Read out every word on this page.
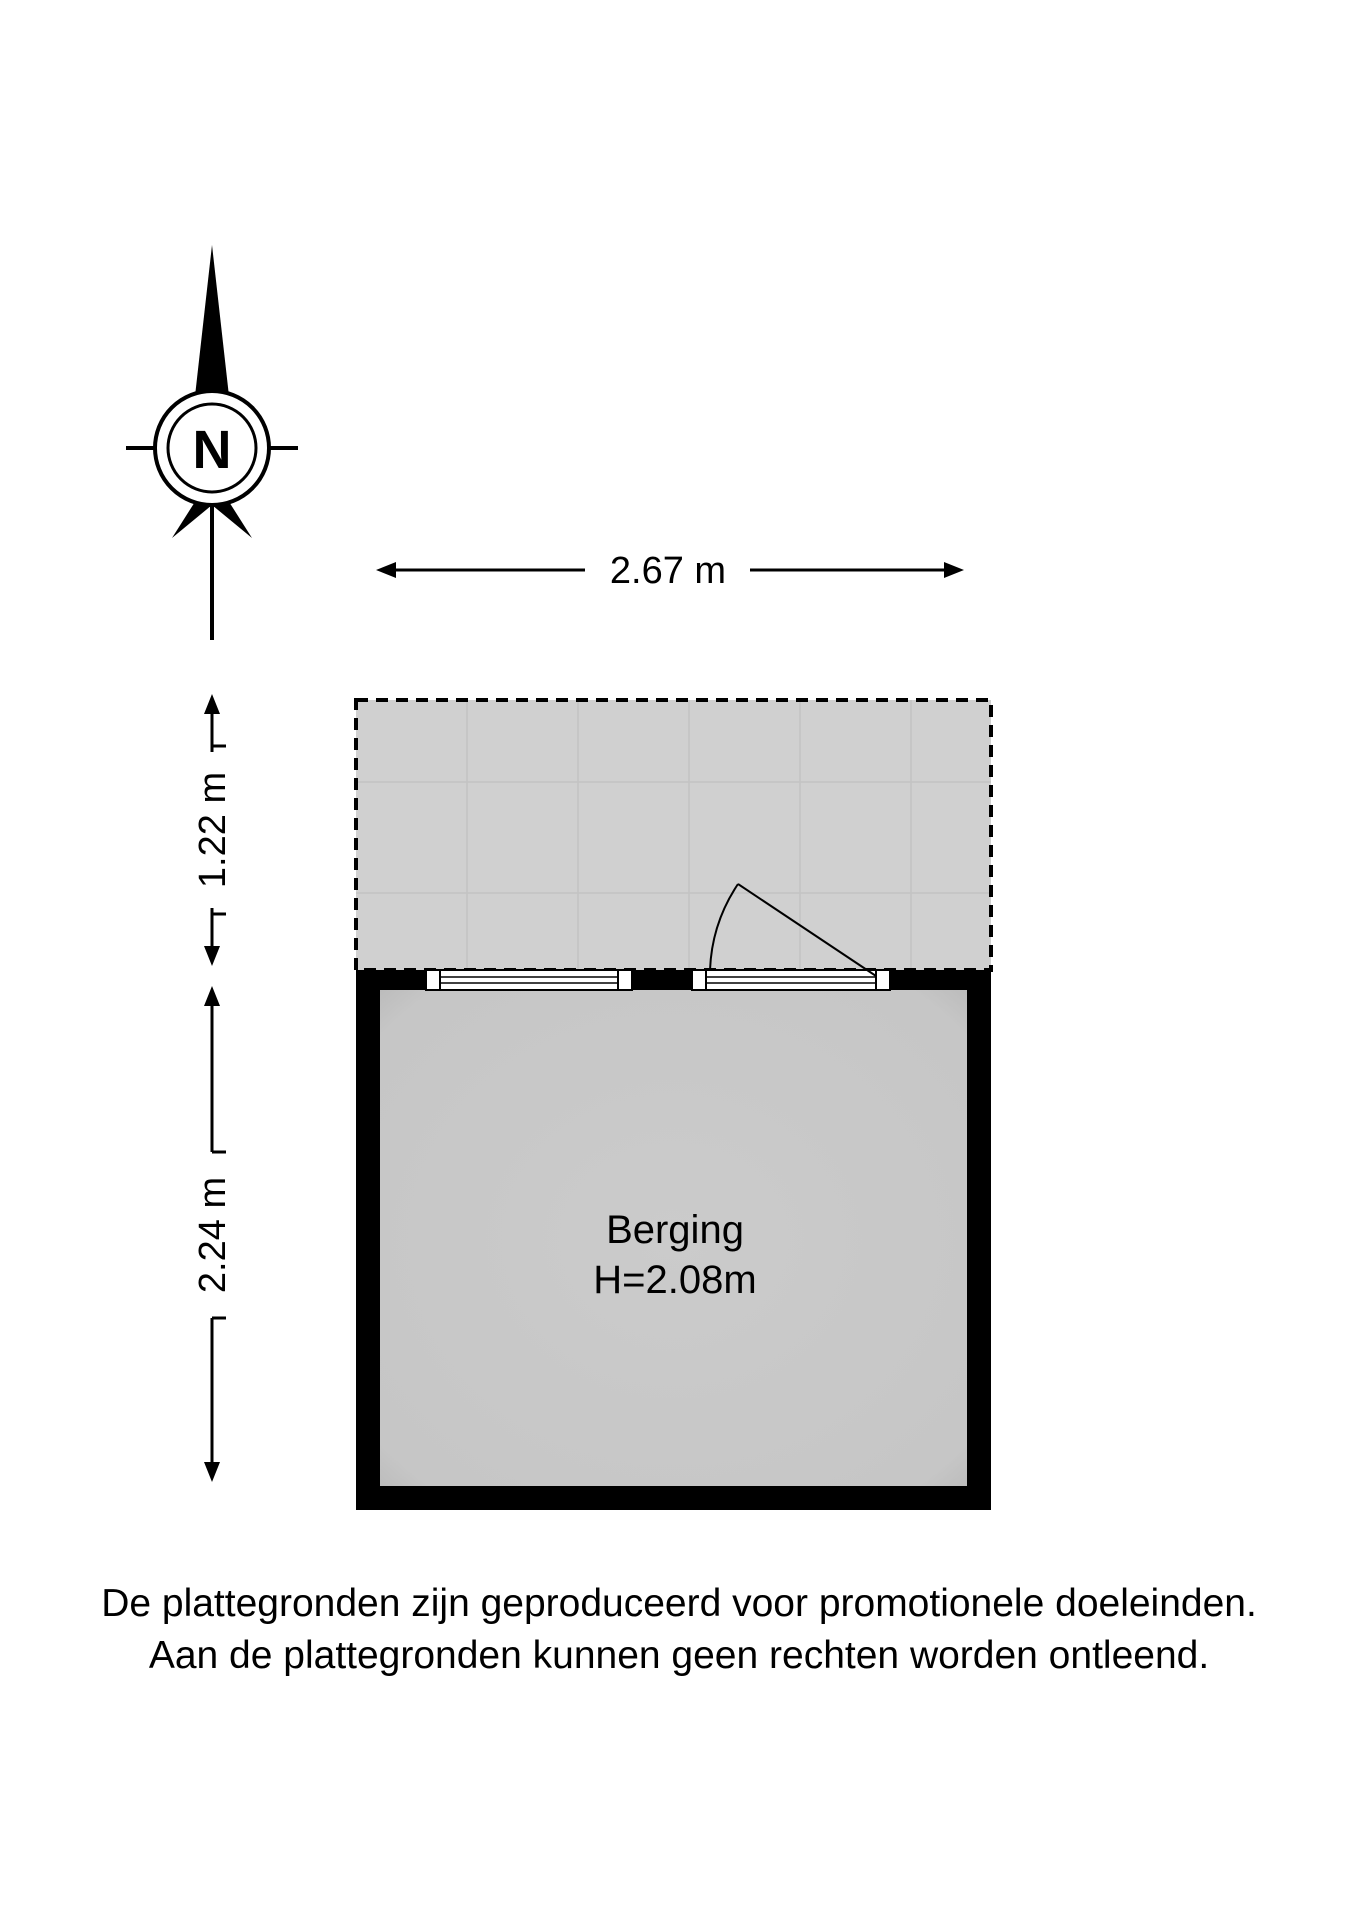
N
2.67 m
1.22 m
2.24 m	Berging
H=2.08m
De plattegronden zijn geproduceerd voor promotionele doeleinden.
Aan de plattegronden kunnen geen rechten worden ontleend.
